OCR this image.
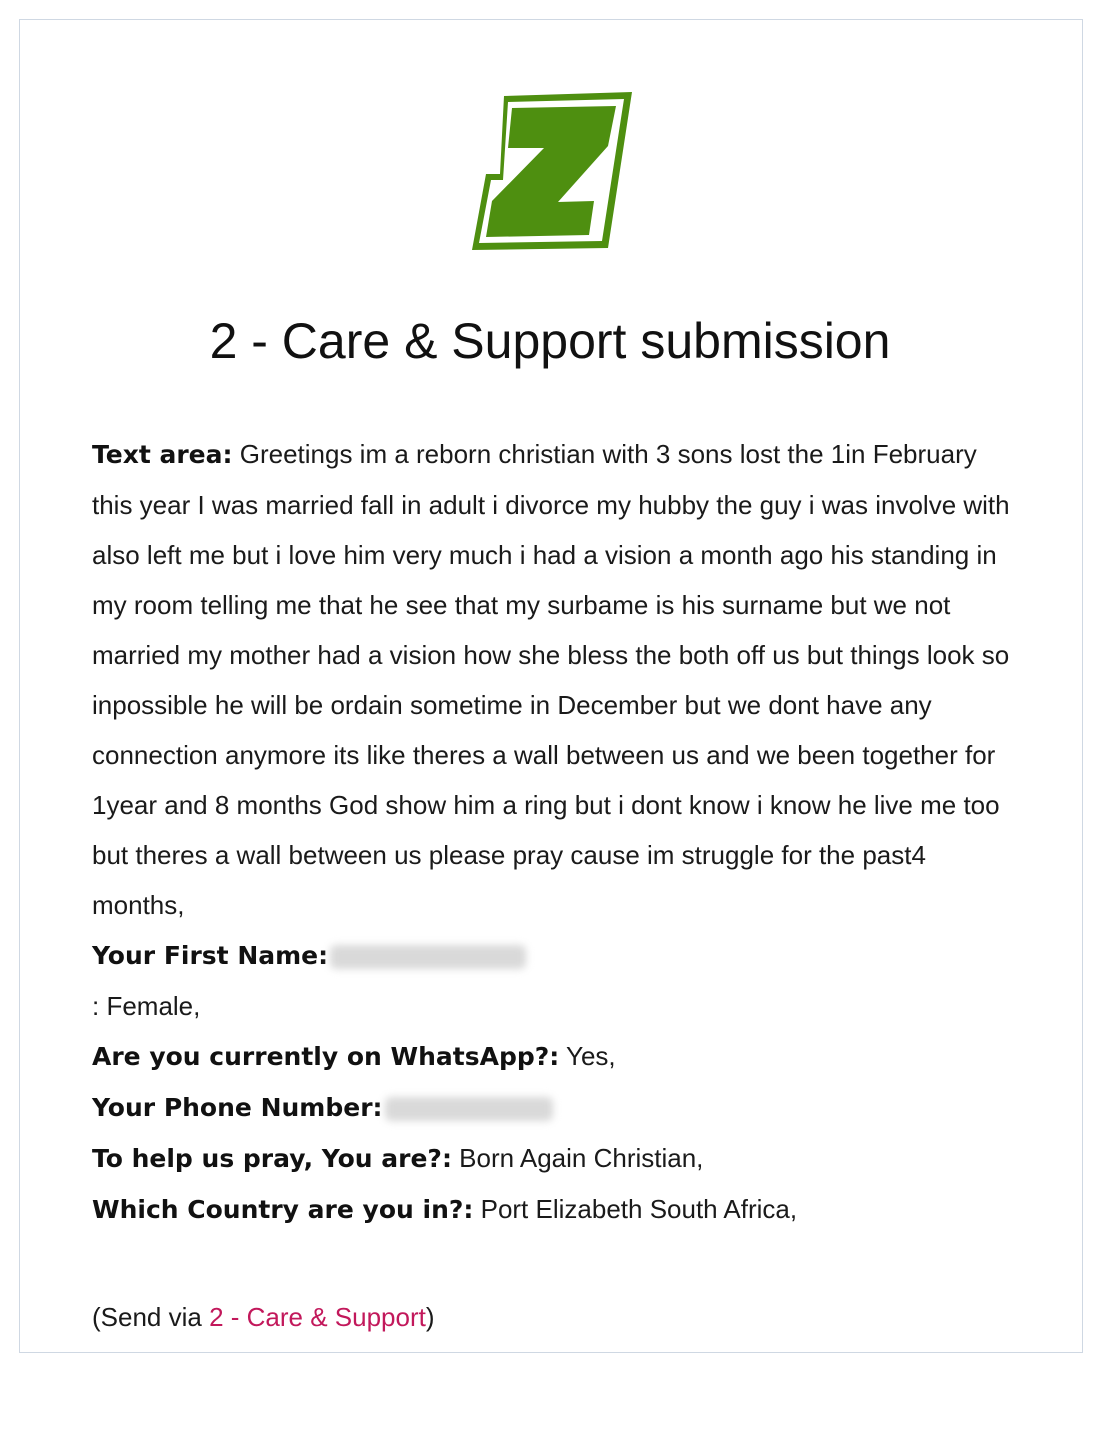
2 - Care & Support submission
Text area: Greetings im a reborn christian with 3 sons lost the 1in February this year I was married fall in adult i divorce my hubby the guy i was involve with also left me but i love him very much i had a vision a month ago his standing in my room telling me that he see that my surbame is his surname but we not married my mother had a vision how she bless the both off us but things look so inpossible he will be ordain sometime in December but we dont have any connection anymore its like theres a wall between us and we been together for 1year and 8 months God show him a ring but i dont know i know he live me too but theres a wall between us please pray cause im struggle for the past4 months,
Your First Name:
: Female,
Are you currently on WhatsApp?: Yes,
Your Phone Number:
To help us pray, You are?: Born Again Christian,
Which Country are you in?: Port Elizabeth South Africa,
(Send via 2 - Care & Support)
